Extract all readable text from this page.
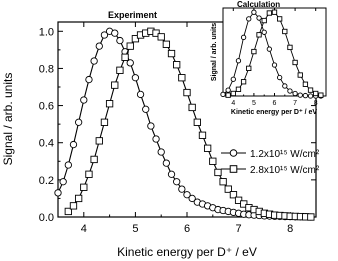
4	5	6	7	8
0.0
0.2
0.4
0.6
0.8
1.0
Experiment
Kinetic energy per D⁺ / eV
Signal / arb. units	4 5 6 7 8
Calculation
Kinetic energy per D⁺ / eV
Signal / arb. units
1.2x10¹⁵ W/cm²
2.8x10¹⁵ W/cm²
